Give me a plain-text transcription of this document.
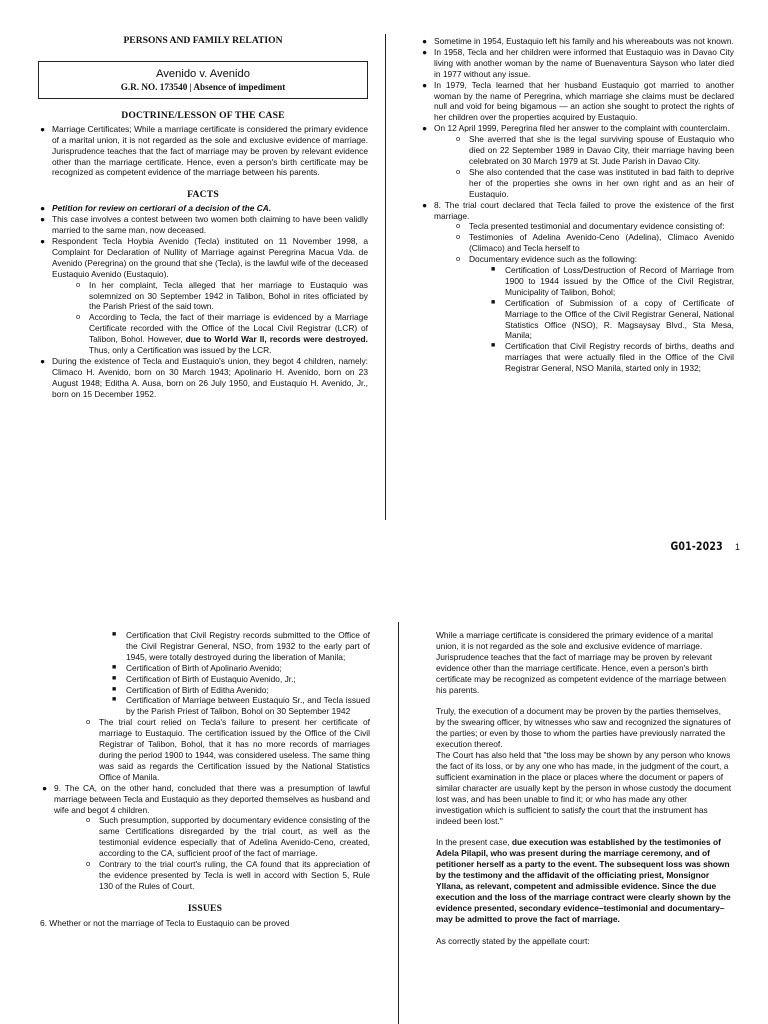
PERSONS AND FAMILY RELATION
Avenido v. Avenido
G.R. NO. 173540 | Absence of impediment
DOCTRINE/LESSON OF THE CASE
● Marriage Certificates; While a marriage certificate is considered the primary evidence of a marital union, it is not regarded as the sole and exclusive evidence of marriage. Jurisprudence teaches that the fact of marriage may be proven by relevant evidence other than the marriage certificate. Hence, even a person's birth certificate may be recognized as competent evidence of the marriage between his parents.
FACTS
● Petition for review on certiorari of a decision of the CA.
● This case involves a contest between two women both claiming to have been validly married to the same man, now deceased.
● Respondent Tecla Hoybia Avenido (Tecla) instituted on 11 November 1998, a Complaint for Declaration of Nullity of Marriage against Peregrina Macua Vda. de Avenido (Peregrina) on the ground that she (Tecla), is the lawful wife of the deceased Eustaquio Avenido (Eustaquio).
o In her complaint, Tecla alleged that her marriage to Eustaquio was solemnized on 30 September 1942 in Talibon, Bohol in rites officiated by the Parish Priest of the said town.
o According to Tecla, the fact of their marriage is evidenced by a Marriage Certificate recorded with the Office of the Local Civil Registrar (LCR) of Talibon, Bohol. However, due to World War II, records were destroyed. Thus, only a Certification was issued by the LCR.
● During the existence of Tecla and Eustaquio's union, they begot 4 children, namely: Climaco H. Avenido, born on 30 March 1943; Apolinario H. Avenido, born on 23 August 1948; Editha A. Ausa, born on 26 July 1950, and Eustaquio H. Avenido, Jr., born on 15 December 1952.
● Sometime in 1954, Eustaquio left his family and his whereabouts was not known.
● In 1958, Tecla and her children were informed that Eustaquio was in Davao City living with another woman by the name of Buenaventura Sayson who later died in 1977 without any issue.
● In 1979, Tecla learned that her husband Eustaquio got married to another woman by the name of Peregrina, which marriage she claims must be declared null and void for being bigamous — an action she sought to protect the rights of her children over the properties acquired by Eustaquio.
● On 12 April 1999, Peregrina filed her answer to the complaint with counterclaim.
o She averred that she is the legal surviving spouse of Eustaquio who died on 22 September 1989 in Davao City, their marriage having been celebrated on 30 March 1979 at St. Jude Parish in Davao City.
o She also contended that the case was instituted in bad faith to deprive her of the properties she owns in her own right and as an heir of Eustaquio.
● 8. The trial court declared that Tecla failed to prove the existence of the first marriage.
o Tecla presented testimonial and documentary evidence consisting of:
o Testimonies of Adelina Avenido-Ceno (Adelina), Climaco Avenido (Climaco) and Tecla herself to
o Documentary evidence such as the following:
■ Certification of Loss/Destruction of Record of Marriage from 1900 to 1944 issued by the Office of the Civil Registrar, Municipality of Talibon, Bohol;
■ Certification of Submission of a copy of Certificate of Marriage to the Office of the Civil Registrar General, National Statistics Office (NSO), R. Magsaysay Blvd., Sta Mesa, Manila;
■ Certification that Civil Registry records of births, deaths and marriages that were actually filed in the Office of the Civil Registrar General, NSO Manila, started only in 1932;
G01-2023 1
■ Certification that Civil Registry records submitted to the Office of the Civil Registrar General, NSO, from 1932 to the early part of 1945, were totally destroyed during the liberation of Manila;
■ Certification of Birth of Apolinario Avenido;
■ Certification of Birth of Eustaquio Avenido, Jr.;
■ Certification of Birth of Editha Avenido;
■ Certification of Marriage between Eustaquio Sr., and Tecla issued by the Parish Priest of Talibon, Bohol on 30 September 1942
o The trial court relied on Tecla's failure to present her certificate of marriage to Eustaquio. The certification issued by the Office of the Civil Registrar of Talibon, Bohol, that it has no more records of marriages during the period 1900 to 1944, was considered useless. The same thing was said as regards the Certification issued by the National Statistics Office of Manila.
● 9. The CA, on the other hand, concluded that there was a presumption of lawful marriage between Tecla and Eustaquio as they deported themselves as husband and wife and begot 4 children.
o Such presumption, supported by documentary evidence consisting of the same Certifications disregarded by the trial court, as well as the testimonial evidence especially that of Adelina Avenido-Ceno, created, according to the CA, sufficient proof of the fact of marriage.
o Contrary to the trial court's ruling, the CA found that its appreciation of the evidence presented by Tecla is well in accord with Section 5, Rule 130 of the Rules of Court.
ISSUES
6. Whether or not the marriage of Tecla to Eustaquio can be proved

While a marriage certificate is considered the primary evidence of a marital union, it is not regarded as the sole and exclusive evidence of marriage. Jurisprudence teaches that the fact of marriage may be proven by relevant evidence other than the marriage certificate. Hence, even a person's birth certificate may be recognized as competent evidence of the marriage between his parents.

Truly, the execution of a document may be proven by the parties themselves, by the swearing officer, by witnesses who saw and recognized the signatures of the parties; or even by those to whom the parties have previously narrated the execution thereof.

The Court has also held that "the loss may be shown by any person who knows the fact of its loss, or by any one who has made, in the judgment of the court, a sufficient examination in the place or places where the document or papers of similar character are usually kept by the person in whose custody the document lost was, and has been unable to find it; or who has made any other investigation which is sufficient to satisfy the court that the instrument has indeed been lost."

In the present case, due execution was established by the testimonies of Adela Pilapil, who was present during the marriage ceremony, and of petitioner herself as a party to the event. The subsequent loss was shown by the testimony and the affidavit of the officiating priest, Monsignor Yllana, as relevant, competent and admissible evidence. Since the due execution and the loss of the marriage contract were clearly shown by the evidence presented, secondary evidence–testimonial and documentary–may be admitted to prove the fact of marriage.

As correctly stated by the appellate court:
